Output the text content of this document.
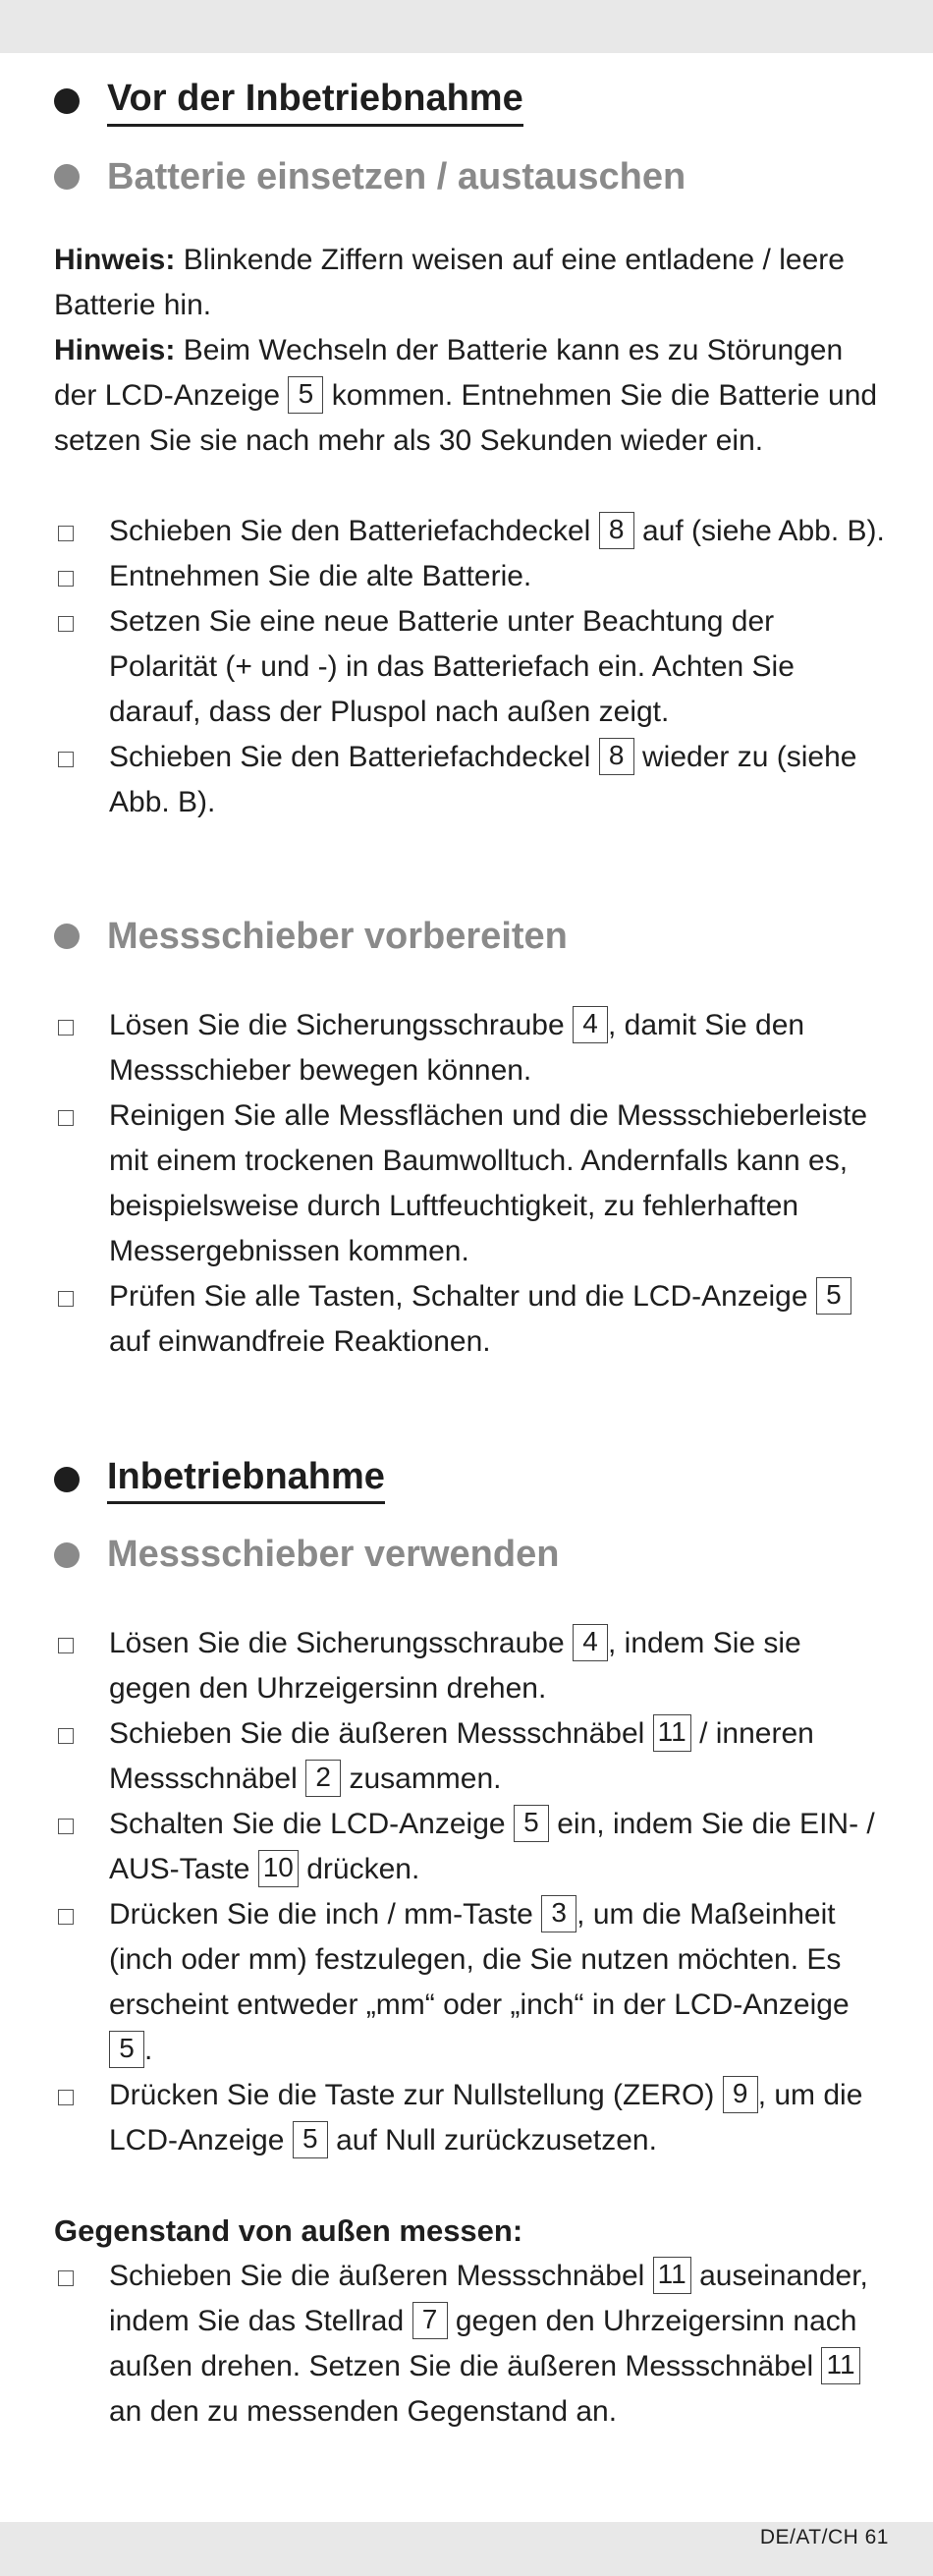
Vor der Inbetriebnahme
Batterie einsetzen / austauschen

Hinweis: Blinkende Ziffern weisen auf eine entladene / leere Batterie hin.

Hinweis: Beim Wechseln der Batterie kann es zu Störungen der LCD-Anzeige 5 kommen. Entnehmen Sie die Batterie und setzen Sie sie nach mehr als 30 Sekunden wieder ein.

Schieben Sie den Batteriefachdeckel 8 auf (siehe Abb. B).
Entnehmen Sie die alte Batterie.
Setzen Sie eine neue Batterie unter Beachtung der Polarität (+ und -) in das Batteriefach ein. Achten Sie darauf, dass der Pluspol nach außen zeigt.
Schieben Sie den Batteriefachdeckel 8 wieder zu (siehe Abb. B).
Messschieber vorbereiten
Lösen Sie die Sicherungsschraube 4 , damit Sie den Messschieber bewegen können.
Reinigen Sie alle Messflächen und die Messschieberleiste mit einem trockenen Baumwolltuch. Andernfalls kann es, beispielsweise durch Luftfeuchtigkeit, zu fehlerhaften Messergebnissen kommen.
Prüfen Sie alle Tasten, Schalter und die LCD-Anzeige 5 auf einwandfreie Reaktionen.
Inbetriebnahme
Messschieber verwenden
Lösen Sie die Sicherungsschraube 4 , indem Sie sie gegen den Uhrzeigersinn drehen.
Schieben Sie die äußeren Messschnäbel 11 / inneren Messschnäbel 2 zusammen.
Schalten Sie die LCD-Anzeige 5 ein, indem Sie die EIN- / AUS-Taste 10 drücken.
Drücken Sie die inch / mm-Taste 3 , um die Maßeinheit (inch oder mm) festzulegen, die Sie nutzen möchten. Es erscheint entweder „mm“ oder „inch“ in der LCD-Anzeige 5 .
Drücken Sie die Taste zur Nullstellung (ZERO) 9 , um die LCD-Anzeige 5 auf Null zurückzusetzen.

Gegenstand von außen messen:

Schieben Sie die äußeren Messschnäbel 11 auseinander, indem Sie das Stellrad 7 gegen den Uhrzeigersinn nach außen drehen. Setzen Sie die äußeren Messschnäbel 11 an den zu messenden Gegenstand an.
DE/AT/CH 61
